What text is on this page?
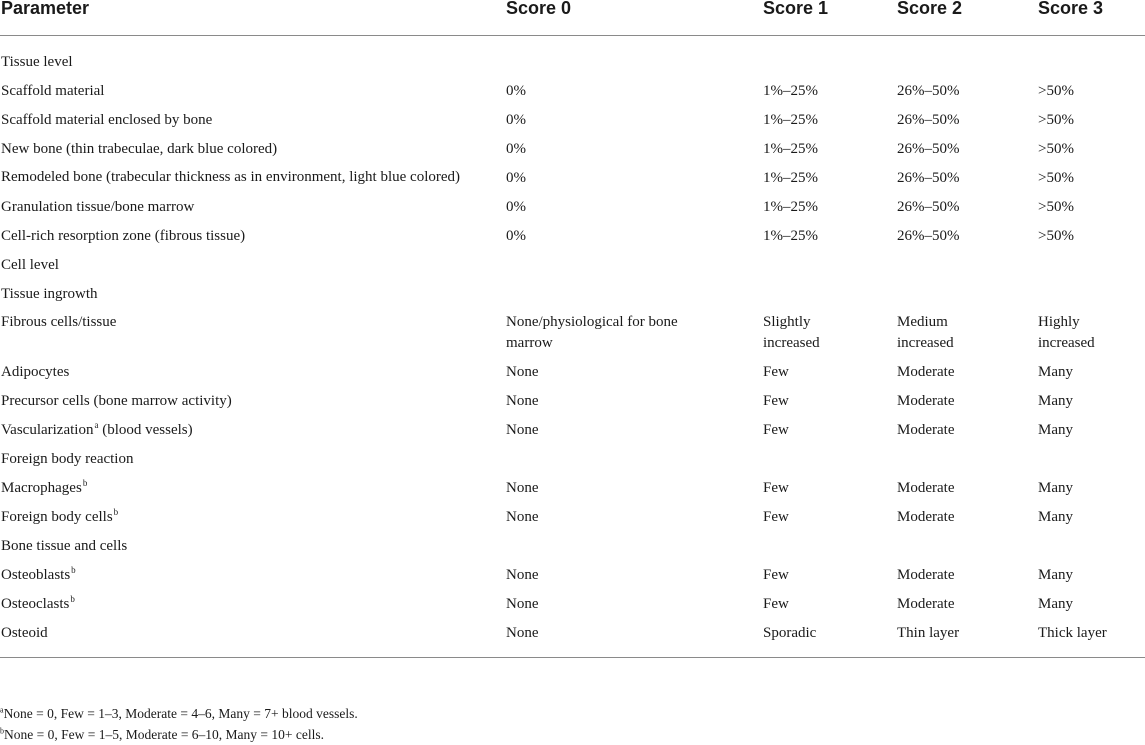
Parameter	Score 0	Score 1	Score 2	Score 3
Tissue level				
Scaffold material	0%	1%–25%	26%–50%	>50%
Scaffold material enclosed by bone	0%	1%–25%	26%–50%	>50%
New bone (thin trabeculae, dark blue colored)	0%	1%–25%	26%–50%	>50%
Remodeled bone (trabecular thickness as in environment, light blue colored)	0%	1%–25%	26%–50%	>50%
Granulation tissue/bone marrow	0%	1%–25%	26%–50%	>50%
Cell-rich resorption zone (fibrous tissue)	0%	1%–25%	26%–50%	>50%
Cell level				
Tissue ingrowth				
Fibrous cells/tissue	None/physiological for bone marrow	Slightly increased	Medium increased	Highly increased
Adipocytes	None	Few	Moderate	Many
Precursor cells (bone marrow activity)	None	Few	Moderate	Many
Vascularization$^a$ (blood vessels)	None	Few	Moderate	Many
Foreign body reaction				
Macrophages$^b$	None	Few	Moderate	Many
Foreign body cells$^b$	None	Few	Moderate	Many
Bone tissue and cells				
Osteoblasts$^b$	None	Few	Moderate	Many
Osteoclasts$^b$	None	Few	Moderate	Many
Osteoid	None	Sporadic	Thin layer	Thick layer
$^a$None = 0, Few = 1–3, Moderate = 4–6, Many = 7+ blood vessels.
$^b$None = 0, Few = 1–5, Moderate = 6–10, Many = 10+ cells.
